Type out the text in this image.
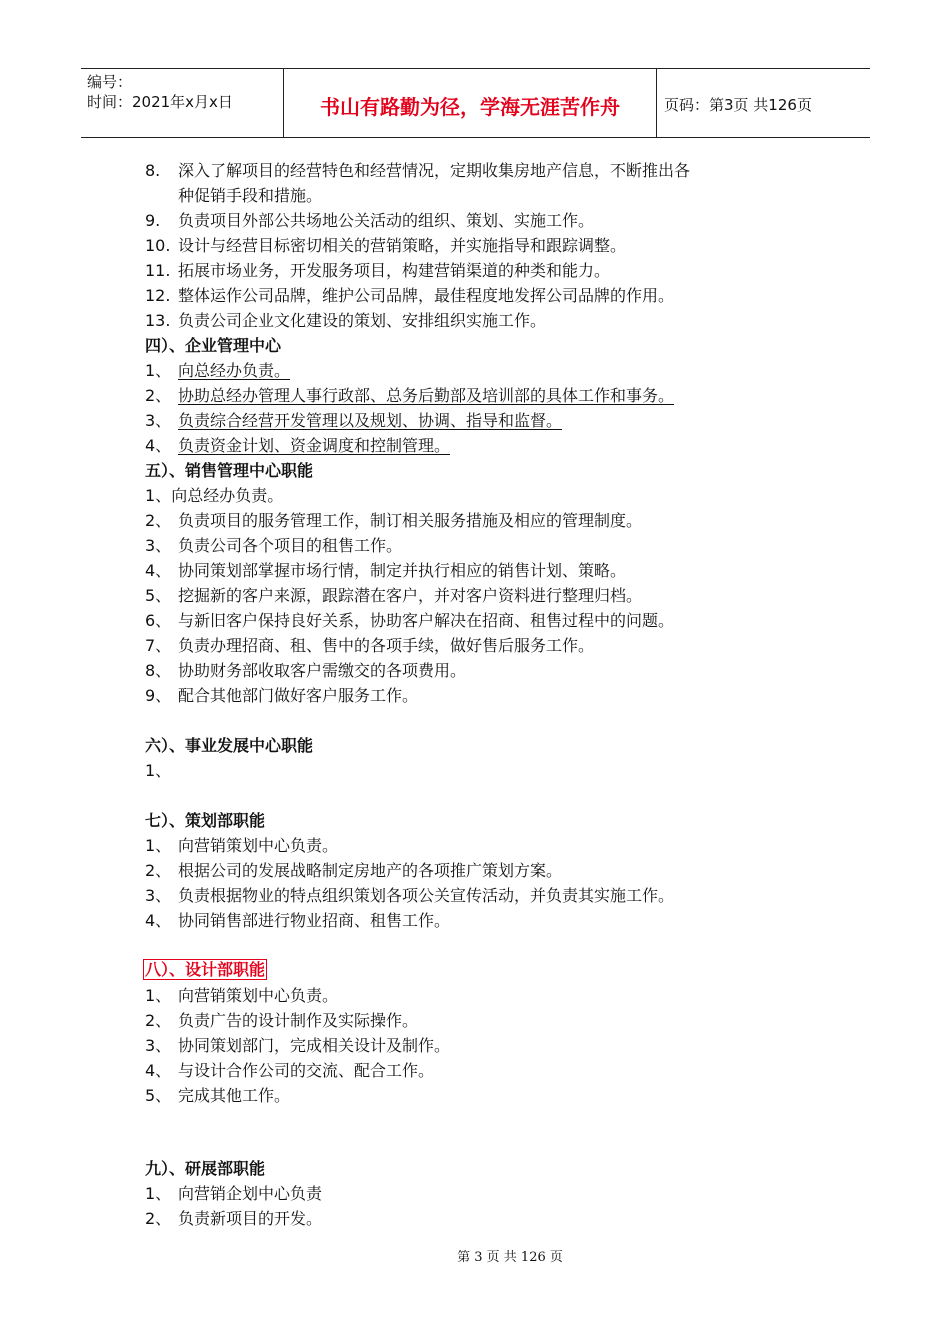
编号：
时间：2021年x月x日	书山有路勤为径，学海无涯苦作舟	页码：第3页 共126页
8. 深入了解项目的经营特色和经营情况，定期收集房地产信息，不断推出各
种促销手段和措施。
9. 负责项目外部公共场地公关活动的组织、策划、实施工作。
10. 设计与经营目标密切相关的营销策略，并实施指导和跟踪调整。
11. 拓展市场业务，开发服务项目，构建营销渠道的种类和能力。
12. 整体运作公司品牌，维护公司品牌，最佳程度地发挥公司品牌的作用。
13. 负责公司企业文化建设的策划、安排组织实施工作。
四）、企业管理中心
1、 向总经办负责。
2、 协助总经办管理人事行政部、总务后勤部及培训部的具体工作和事务。
3、 负责综合经营开发管理以及规划、协调、指导和监督。
4、 负责资金计划、资金调度和控制管理。
五）、销售管理中心职能
1、向总经办负责。
2、 负责项目的服务管理工作，制订相关服务措施及相应的管理制度。
3、 负责公司各个项目的租售工作。
4、 协同策划部掌握市场行情，制定并执行相应的销售计划、策略。
5、 挖掘新的客户来源，跟踪潜在客户，并对客户资料进行整理归档。
6、 与新旧客户保持良好关系，协助客户解决在招商、租售过程中的问题。
7、 负责办理招商、租、售中的各项手续，做好售后服务工作。
8、 协助财务部收取客户需缴交的各项费用。
9、 配合其他部门做好客户服务工作。
六）、事业发展中心职能
1、
七）、策划部职能
1、 向营销策划中心负责。
2、 根据公司的发展战略制定房地产的各项推广策划方案。
3、 负责根据物业的特点组织策划各项公关宣传活动，并负责其实施工作。
4、 协同销售部进行物业招商、租售工作。
八）、设计部职能
1、 向营销策划中心负责。
2、 负责广告的设计制作及实际操作。
3、 协同策划部门，完成相关设计及制作。
4、 与设计合作公司的交流、配合工作。
5、 完成其他工作。
九）、研展部职能
1、 向营销企划中心负责
2、 负责新项目的开发。
第 3 页 共 126 页
